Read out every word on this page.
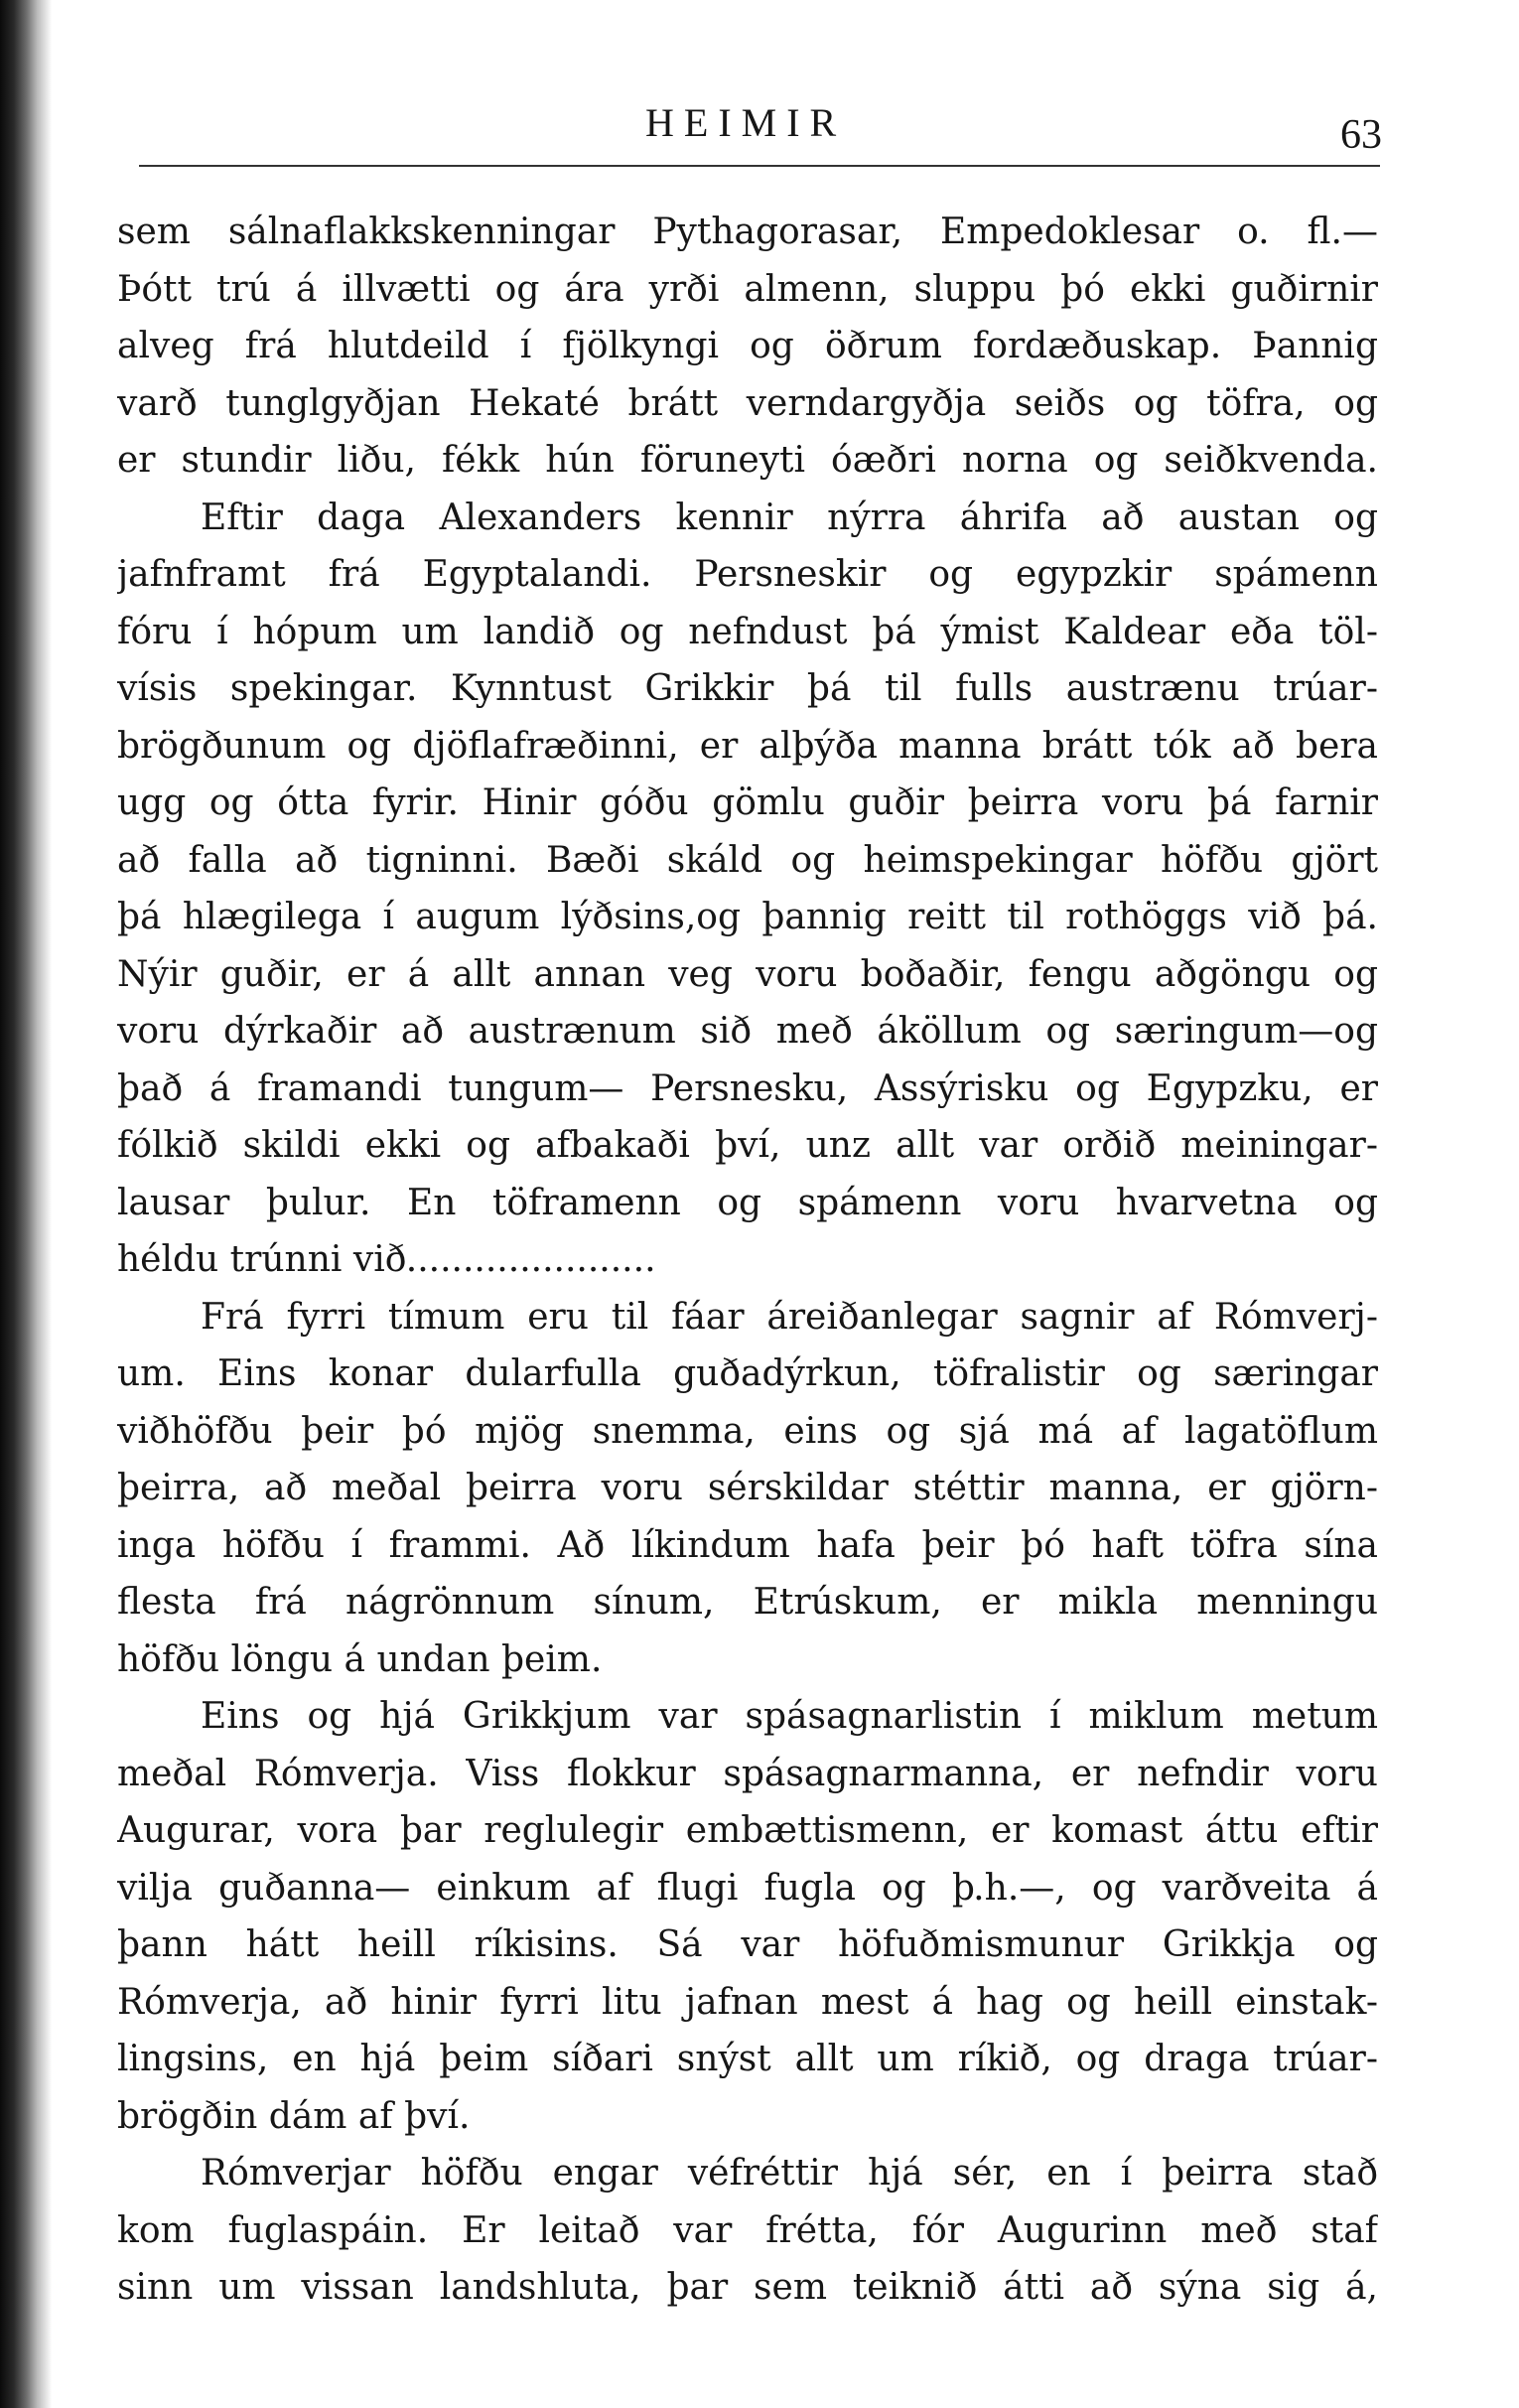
HEIMIR	63
sem sálnaflakkskenningar Pythagorasar, Empedoklesar o. fl.—
Þótt trú á illvætti og ára yrði almenn, sluppu þó ekki guðirnir
alveg frá hlutdeild í fjölkyngi og öðrum fordæðuskap. Þannig
varð tunglgyðjan Hekaté brátt verndargyðja seiðs og töfra, og
er stundir liðu, fékk hún föruneyti óæðri norna og seiðkvenda.
Eftir daga Alexanders kennir nýrra áhrifa að austan og
jafnframt frá Egyptalandi. Persneskir og egypzkir spámenn
fóru í hópum um landið og nefndust þá ýmist Kaldear eða töl-
vísis spekingar. Kynntust Grikkir þá til fulls austrænu trúar-
brögðunum og djöflafræðinni, er alþýða manna brátt tók að bera
ugg og ótta fyrir. Hinir góðu gömlu guðir þeirra voru þá farnir
að falla að tigninni. Bæði skáld og heimspekingar höfðu gjört
þá hlægilega í augum lýðsins,og þannig reitt til rothöggs við þá.
Nýir guðir, er á allt annan veg voru boðaðir, fengu aðgöngu og
voru dýrkaðir að austrænum sið með áköllum og særingum—og
það á framandi tungum— Persnesku, Assýrisku og Egypzku, er
fólkið skildi ekki og afbakaði því, unz allt var orðið meiningar-
lausar þulur. En töframenn og spámenn voru hvarvetna og
héldu trúnni við......................
Frá fyrri tímum eru til fáar áreiðanlegar sagnir af Rómverj-
um. Eins konar dularfulla guðadýrkun, töfralistir og særingar
viðhöfðu þeir þó mjög snemma, eins og sjá má af lagatöflum
þeirra, að meðal þeirra voru sérskildar stéttir manna, er gjörn-
inga höfðu í frammi. Að líkindum hafa þeir þó haft töfra sína
flesta frá nágrönnum sínum, Etrúskum, er mikla menningu
höfðu löngu á undan þeim.
Eins og hjá Grikkjum var spásagnarlistin í miklum metum
meðal Rómverja. Viss flokkur spásagnarmanna, er nefndir voru
Augurar, vora þar reglulegir embættismenn, er komast áttu eftir
vilja guðanna— einkum af flugi fugla og þ.h.—, og varðveita á
þann hátt heill ríkisins. Sá var höfuðmismunur Grikkja og
Rómverja, að hinir fyrri litu jafnan mest á hag og heill einstak-
lingsins, en hjá þeim síðari snýst allt um ríkið, og draga trúar-
brögðin dám af því.
Rómverjar höfðu engar véfréttir hjá sér, en í þeirra stað
kom fuglaspáin. Er leitað var frétta, fór Augurinn með staf
sinn um vissan landshluta, þar sem teiknið átti að sýna sig á,
